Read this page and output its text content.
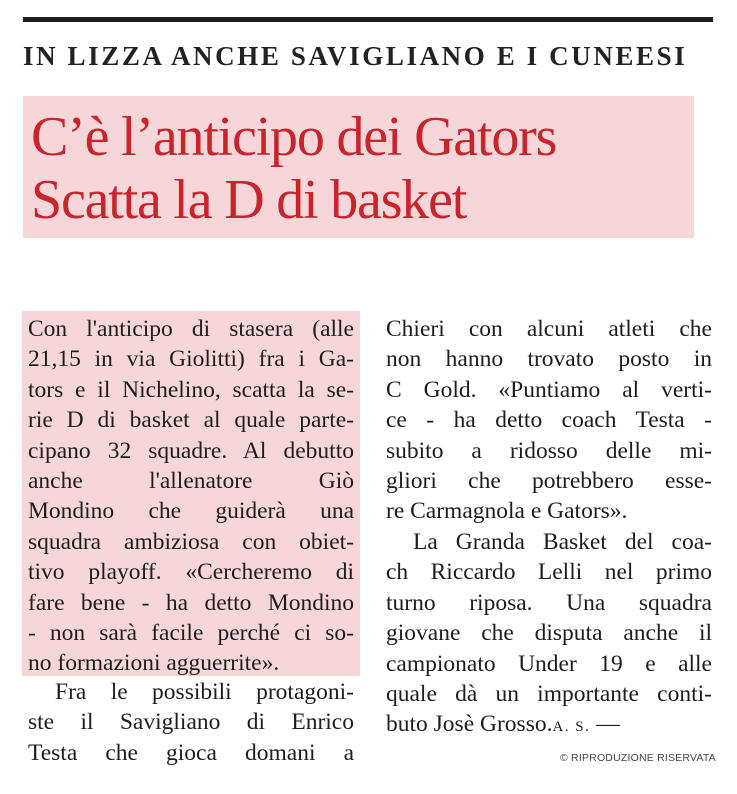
IN LIZZA ANCHE SAVIGLIANO E I CUNEESI
C’è l’anticipo dei Gators
Scatta la D di basket
Con l'anticipo di stasera (alle
21,15 in via Giolitti) fra i Ga-
tors e il Nichelino, scatta la se-
rie D di basket al quale parte-
cipano 32 squadre. Al debutto
anche l'allenatore Giò
Mondino che guiderà una
squadra ambiziosa con obiet-
tivo playoff. «Cercheremo di
fare bene - ha detto Mondino
- non sarà facile perché ci so-
no formazioni agguerrite».
Fra le possibili protagoni-
ste il Savigliano di Enrico
Testa che gioca domani a
Chieri con alcuni atleti che
non hanno trovato posto in
C Gold. «Puntiamo al verti-
ce - ha detto coach Testa -
subito a ridosso delle mi-
gliori che potrebbero esse-
re Carmagnola e Gators».
La Granda Basket del coa-
ch Riccardo Lelli nel primo
turno riposa. Una squadra
giovane che disputa anche il
campionato Under 19 e alle
quale dà un importante conti-
buto Josè Grosso.A. S. —
© RIPRODUZIONE RISERVATA
